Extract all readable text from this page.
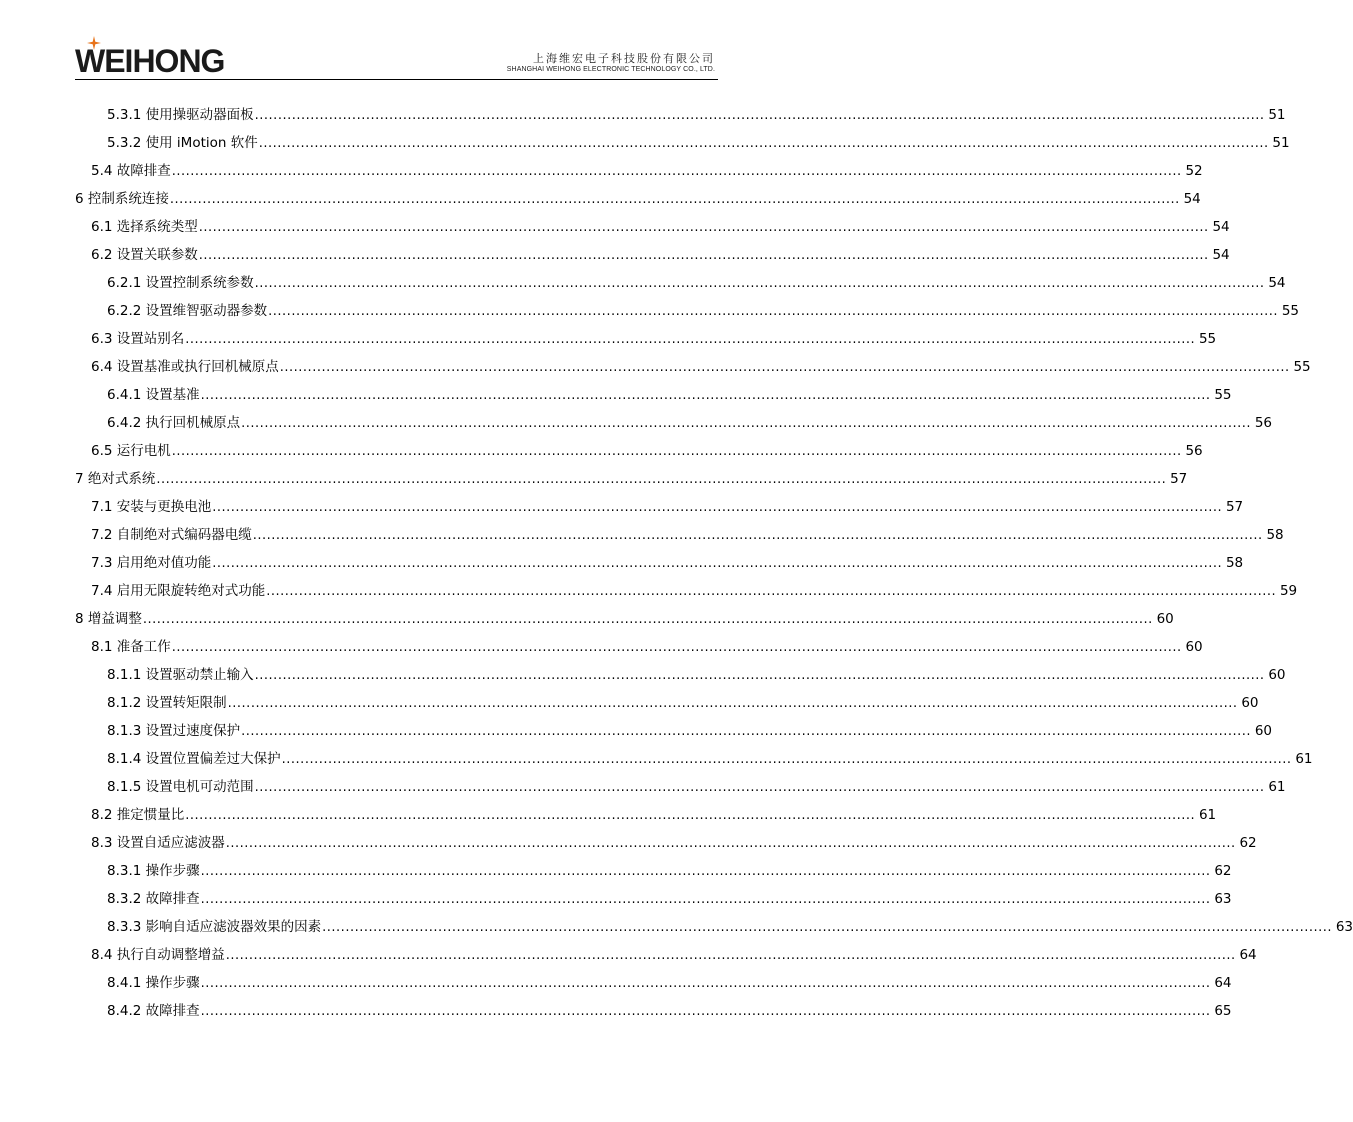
WEIHONG	上海维宏电子科技股份有限公司
SHANGHAI WEIHONG ELECTRONIC TECHNOLOGY CO., LTD.
5.3.1 使用操驱动器面板 .......................................................................................................................................................................................................................... 51
5.3.2 使用 iMotion 软件 .......................................................................................................................................................................................................................... 51
5.4 故障排查 .......................................................................................................................................................................................................................... 52
6 控制系统连接 .......................................................................................................................................................................................................................... 54
6.1 选择系统类型 .......................................................................................................................................................................................................................... 54
6.2 设置关联参数 .......................................................................................................................................................................................................................... 54
6.2.1 设置控制系统参数 .......................................................................................................................................................................................................................... 54
6.2.2 设置维智驱动器参数 .......................................................................................................................................................................................................................... 55
6.3 设置站别名 .......................................................................................................................................................................................................................... 55
6.4 设置基准或执行回机械原点 .......................................................................................................................................................................................................................... 55
6.4.1 设置基准 .......................................................................................................................................................................................................................... 55
6.4.2 执行回机械原点 .......................................................................................................................................................................................................................... 56
6.5 运行电机 .......................................................................................................................................................................................................................... 56
7 绝对式系统 .......................................................................................................................................................................................................................... 57
7.1 安装与更换电池 .......................................................................................................................................................................................................................... 57
7.2 自制绝对式编码器电缆 .......................................................................................................................................................................................................................... 58
7.3 启用绝对值功能 .......................................................................................................................................................................................................................... 58
7.4 启用无限旋转绝对式功能 .......................................................................................................................................................................................................................... 59
8 增益调整 .......................................................................................................................................................................................................................... 60
8.1 准备工作 .......................................................................................................................................................................................................................... 60
8.1.1 设置驱动禁止输入 .......................................................................................................................................................................................................................... 60
8.1.2 设置转矩限制 .......................................................................................................................................................................................................................... 60
8.1.3 设置过速度保护 .......................................................................................................................................................................................................................... 60
8.1.4 设置位置偏差过大保护 .......................................................................................................................................................................................................................... 61
8.1.5 设置电机可动范围 .......................................................................................................................................................................................................................... 61
8.2 推定惯量比 .......................................................................................................................................................................................................................... 61
8.3 设置自适应滤波器 .......................................................................................................................................................................................................................... 62
8.3.1 操作步骤 .......................................................................................................................................................................................................................... 62
8.3.2 故障排查 .......................................................................................................................................................................................................................... 63
8.3.3 影响自适应滤波器效果的因素 .......................................................................................................................................................................................................................... 63
8.4 执行自动调整增益 .......................................................................................................................................................................................................................... 64
8.4.1 操作步骤 .......................................................................................................................................................................................................................... 64
8.4.2 故障排查 .......................................................................................................................................................................................................................... 65
